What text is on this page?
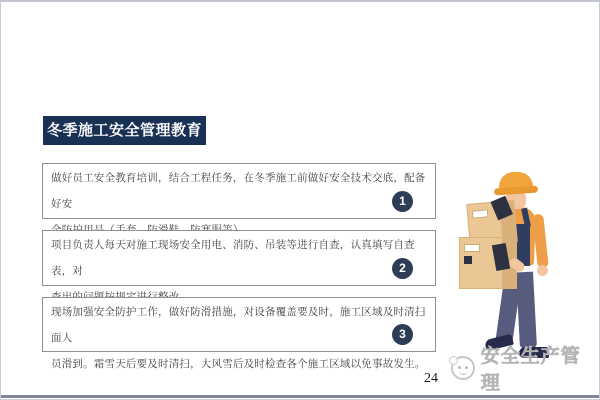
冬季施工安全管理教育
做好员工安全教育培训，结合工程任务，在冬季施工前做好安全技术交底，配备好安	1
项目负责人每天对施工现场安全用电、消防、吊装等进行自查，认真填写自查表，对	2
现场加强安全防护工作，做好防滑措施，对设备覆盖要及时，施工区域及时清扫面人
员滑到。霜雪天后要及时清扫，大风雪后及时检查各个施工区域以免事故发生。
3
24
安全生产管理
